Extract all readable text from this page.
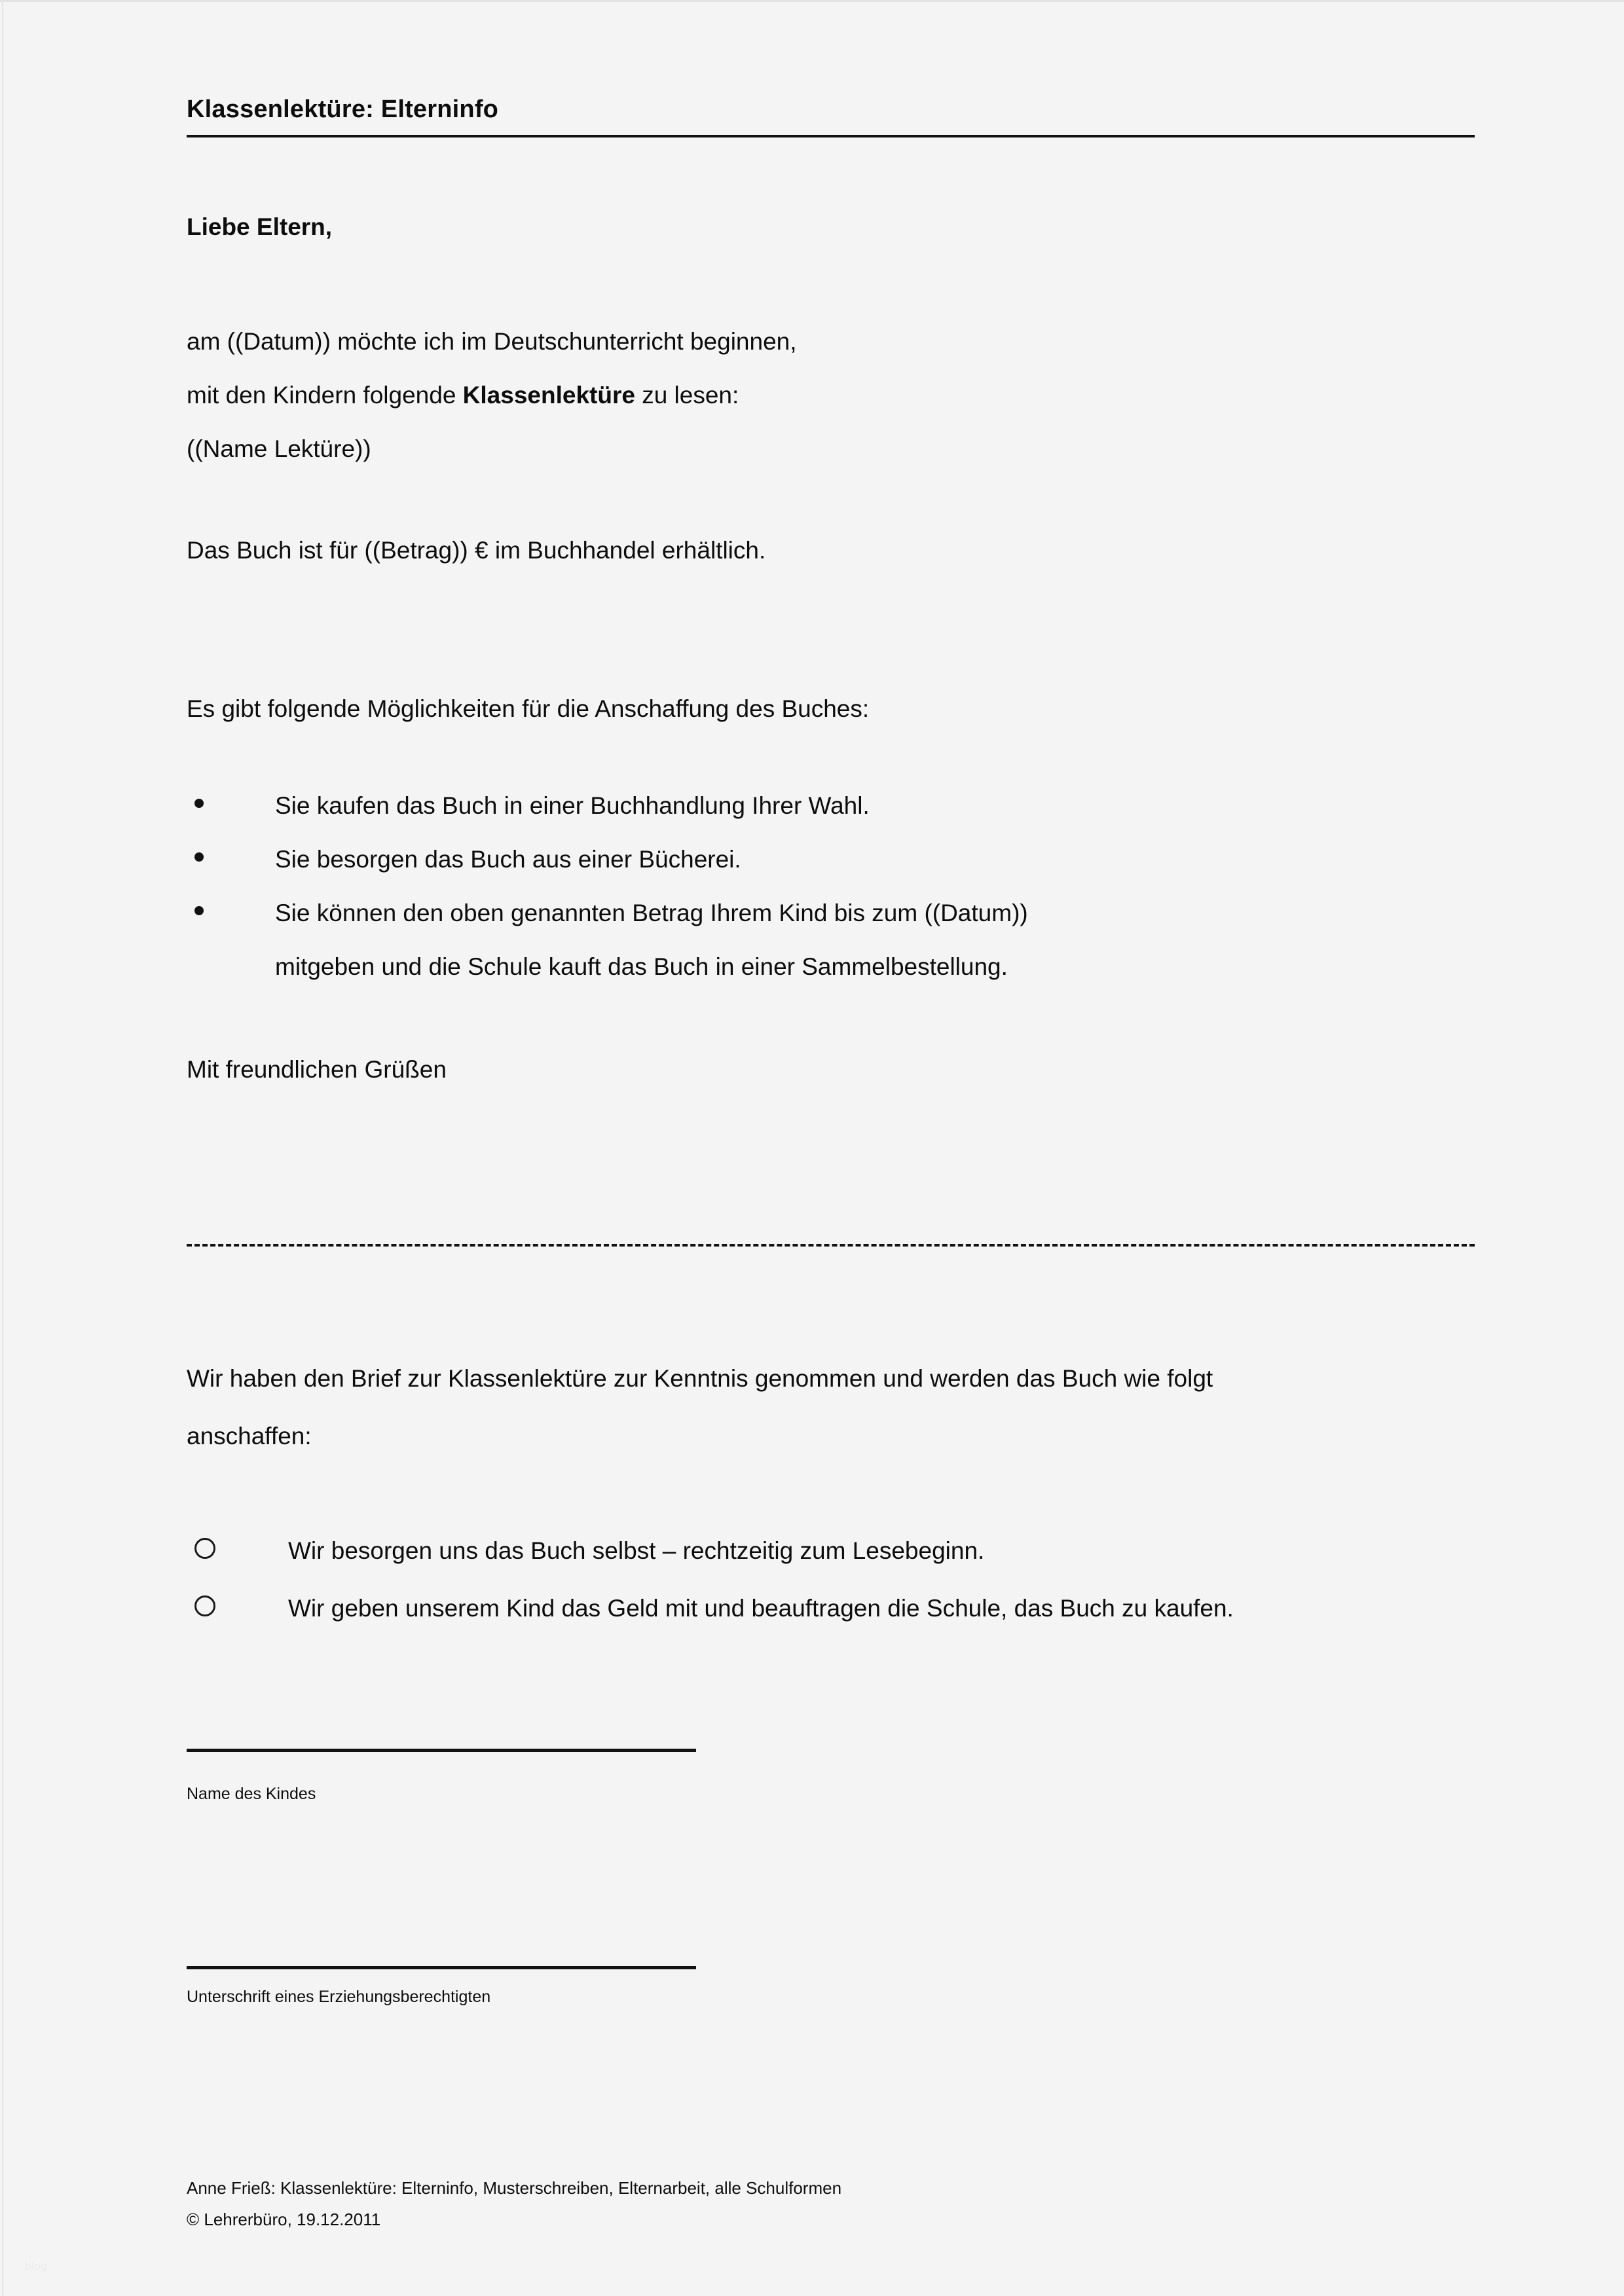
Klassenlektüre: Elterninfo
Liebe Eltern,
am ((Datum)) möchte ich im Deutschunterricht beginnen,
mit den Kindern folgende Klassenlektüre zu lesen:
((Name Lektüre))
Das Buch ist für ((Betrag)) € im Buchhandel erhältlich.
Es gibt folgende Möglichkeiten für die Anschaffung des Buches:
Sie kaufen das Buch in einer Buchhandlung Ihrer Wahl.
Sie besorgen das Buch aus einer Bücherei.
Sie können den oben genannten Betrag Ihrem Kind bis zum ((Datum))
mitgeben und die Schule kauft das Buch in einer Sammelbestellung.
Mit freundlichen Grüßen
Wir haben den Brief zur Klassenlektüre zur Kenntnis genommen und werden das Buch wie folgt
anschaffen:
Wir besorgen uns das Buch selbst – rechtzeitig zum Lesebeginn.
Wir geben unserem Kind das Geld mit und beauftragen die Schule, das Buch zu kaufen.
Name des Kindes
Unterschrift eines Erziehungsberechtigten
Anne Frieß: Klassenlektüre: Elterninfo, Musterschreiben, Elternarbeit, alle Schulformen
© Lehrerbüro, 19.12.2011
blog
